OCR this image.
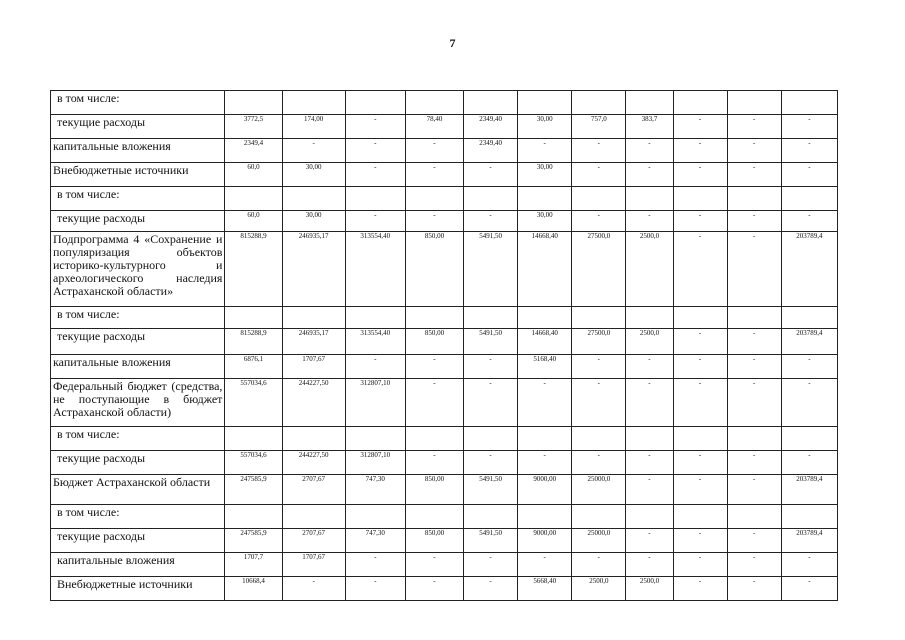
7
в том числе:											
текущие расходы	3772,5	174,00	-	78,40	2349,40	30,00	757,0	383,7	-	-	-
капитальные вложения	2349,4	-	-	-	2349,40	-	-	-	-	-	-
Внебюджетные источники	60,0	30,00	-	-	-	30,00	-	-	-	-	-
в том числе:											
текущие расходы	60,0	30,00	-	-	-	30,00	-	-	-	-	-
Подпрограмма 4 «Сохранение и популяризация объектов историко-культурного и археологического наследия Астраханской области»	815288,9	246935,17	313554,40	850,00	5491,50	14668,40	27500,0	2500,0	-	-	203789,4
в том числе:											
текущие расходы	815288,9	246935,17	313554,40	850,00	5491,50	14668,40	27500,0	2500,0	-	-	203789,4
капитальные вложения	6876,1	1707,67	-	-	-	5168,40	-	-	-	-	-
Федеральный бюджет (средства, не поступающие в бюджет Астраханской области)	557034,6	244227,50	312807,10	-	-	-	-	-	-	-	-
в том числе:											
текущие расходы	557034,6	244227,50	312807,10	-	-	-	-	-	-	-	-
Бюджет Астраханской области	247585,9	2707,67	747,30	850,00	5491,50	9000,00	25000,0	-	-	-	203789,4
в том числе:											
текущие расходы	247585,9	2707,67	747,30	850,00	5491,50	9000,00	25000,0	-	-	-	203789,4
капитальные вложения	1707,7	1707,67	-	-	-	-	-	-	-	-	-
Внебюджетные источники	10668,4	-	-	-	-	5668,40	2500,0	2500,0	-	-	-
